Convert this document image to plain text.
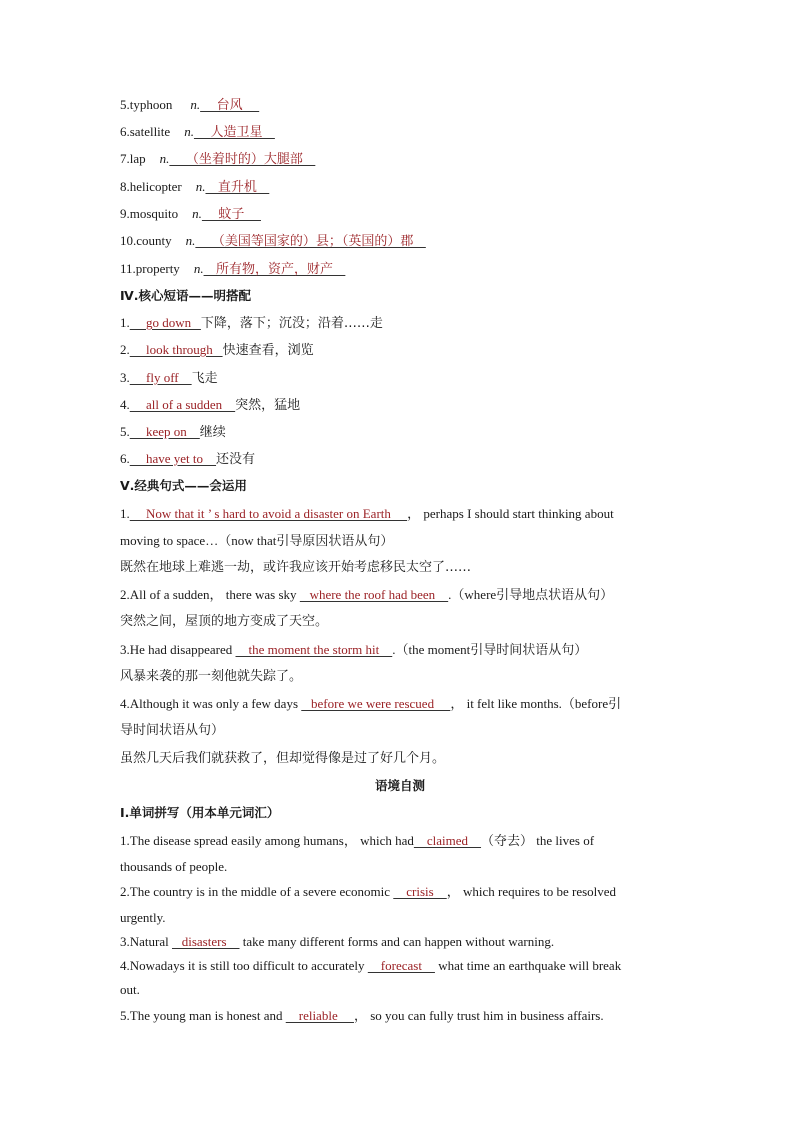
5.typhoon n.    台风
6.satellite n.    人造卫星
7.lap n.    （坐着时的）大腿部
8.helicopter n.   直升机
9.mosquito n.    蚊子
10.county n.    （美国等国家的）县；（英国的）郡
11.property n.   所有物，资产，财产
Ⅳ.核心短语——明搭配
1.     go down   下降，落下；沉没；沿着……走
2.     look through   快速查看，浏览
3.     fly off    飞走
4.     all of a sudden    突然，猛地
5.     keep on    继续
6.     have yet to    还没有
Ⅴ.经典句式——会运用
1.     Now that it ’ s hard to avoid a disaster on Earth     ， perhaps I should start thinking about
moving to space…（now that引导原因状语从句）
既然在地球上难逃一劫，或许我应该开始考虑移民太空了……
2.All of a sudden， there was sky    where the roof had been    .（where引导地点状语从句）
突然之间，屋顶的地方变成了天空。
3.He had disappeared     the moment the storm hit    .（the moment引导时间状语从句）
风暴来袭的那一刻他就失踪了。
4.Although it was only a few days    before we were rescued     ， it felt like months.（before引
导时间状语从句）
虽然几天后我们就获救了，但却觉得像是过了好几个月。
语境自测
Ⅰ.单词拼写（用本单元词汇）
1.The disease spread easily among humans， which had    claimed    （夺去） the lives of
thousands of people.
2.The country is in the middle of a severe economic     crisis    ， which requires to be resolved
urgently.
3.Natural    disasters     take many different forms and can happen without warning.
4.Nowadays it is still too difficult to accurately     forecast     what time an earthquake will break
out.
5.The young man is honest and     reliable     ， so you can fully trust him in business affairs.
